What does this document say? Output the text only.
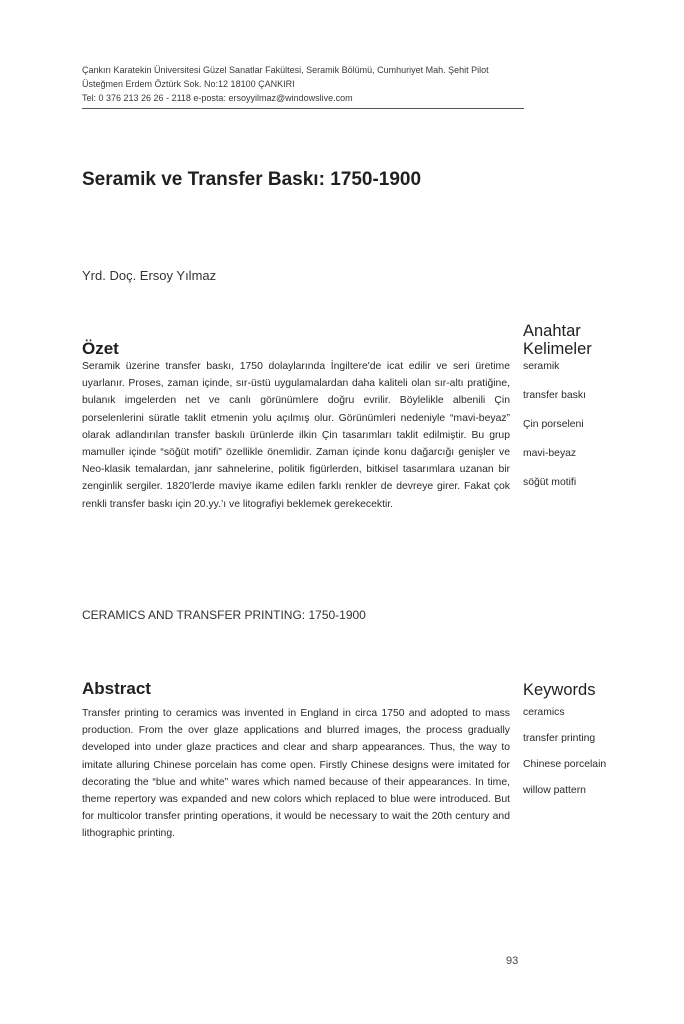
Çankırı Karatekin Üniversitesi Güzel Sanatlar Fakültesi, Seramik Bölümü, Cumhuriyet Mah. Şehit Pilot
Üsteğmen Erdem Öztürk Sok. No:12 18100 ÇANKIRI
Tel: 0 376 213 26 26 - 2118 e-posta: ersoyyilmaz@windowslive.com
Seramik ve Transfer Baskı: 1750-1900
Yrd. Doç. Ersoy Yılmaz
Özet

Seramik üzerine transfer baskı, 1750 dolaylarında İngiltere'de icat edilir ve seri üretime uyarlanır. Proses, zaman içinde, sır-üstü uygulamalardan daha kaliteli olan sır-altı pratiğine, bulanık imgelerden net ve canlı görünümlere doğru evrilir. Böylelikle albenili Çin porselenlerini süratle taklit etmenin yolu açılmış olur. Görünümleri nedeniyle “mavi-beyaz” olarak adlandırılan transfer baskılı ürünlerde ilkin Çin tasarımları taklit edilmiştir. Bu grup mamuller içinde “söğüt motifi” özellikle önemlidir. Zaman içinde konu dağarcığı genişler ve Neo-klasik temalardan, janr sahnelerine, politik figürlerden, bitkisel tasarımlara uzanan bir zenginlik sergiler. 1820’lerde maviye ikame edilen farklı renkler de devreye girer. Fakat çok renkli transfer baskı için 20.yy.’ı ve litografiyi beklemek gerekecektir.

Anahtar
Kelimeler
seramik
transfer baskı
Çin porseleni
mavi-beyaz
söğüt motifi
CERAMICS AND TRANSFER PRINTING: 1750-1900
Abstract

Transfer printing to ceramics was invented in England in circa 1750 and adopted to mass production. From the over glaze applications and blurred images, the process gradually developed into under glaze practices and clear and sharp appearances. Thus, the way to imitate alluring Chinese porcelain has come open. Firstly Chinese designs were imitated for decorating the “blue and white” wares which named because of their appearances. In time, theme repertory was expanded and new colors which replaced to blue were introduced. But for multicolor transfer printing operations, it would be necessary to wait the 20th century and lithographic printing.

Keywords
ceramics
transfer printing
Chinese porcelain
willow pattern
93
